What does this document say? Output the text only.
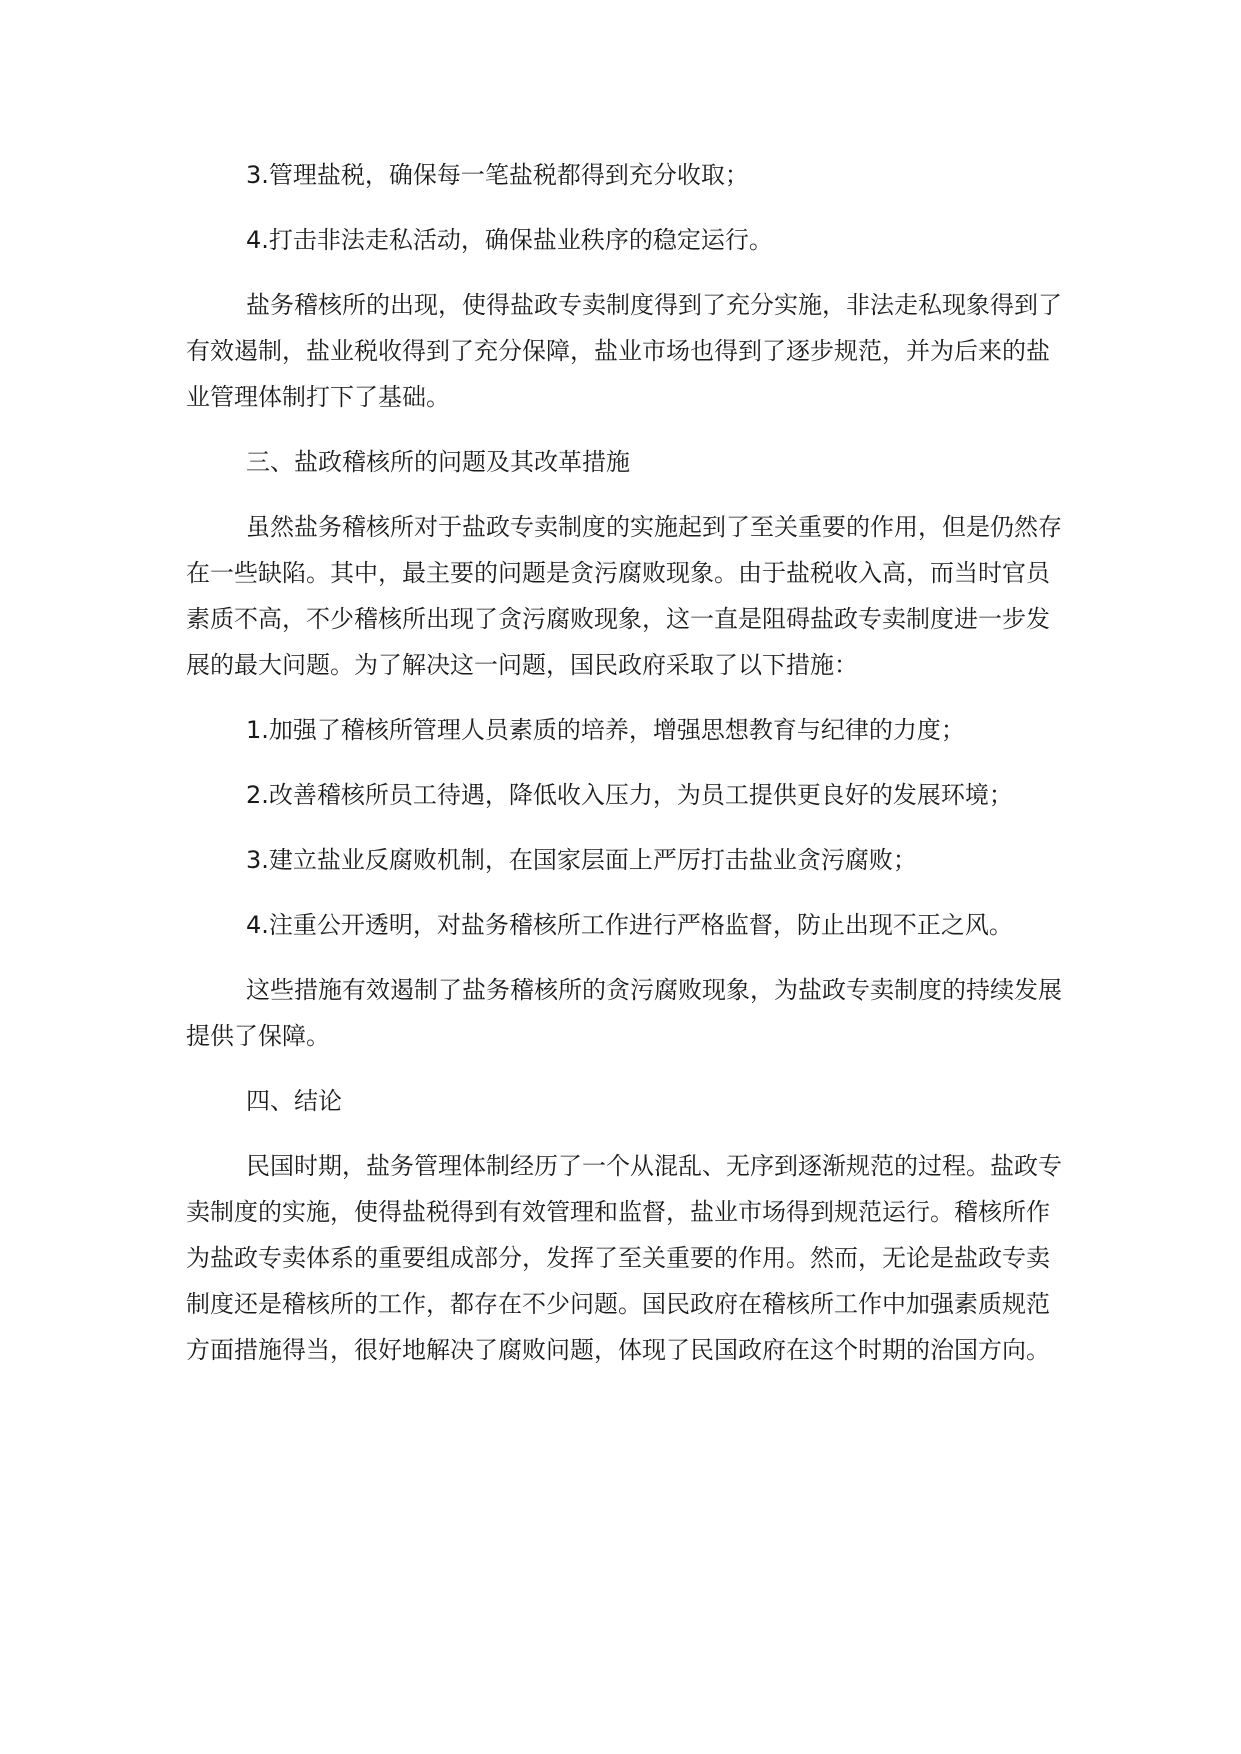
3.管理盐税，确保每一笔盐税都得到充分收取；

4.打击非法走私活动，确保盐业秩序的稳定运行。

盐务稽核所的出现，使得盐政专卖制度得到了充分实施，非法走私现象得到了有效遏制，盐业税收得到了充分保障，盐业市场也得到了逐步规范，并为后来的盐业管理体制打下了基础。

三、盐政稽核所的问题及其改革措施

虽然盐务稽核所对于盐政专卖制度的实施起到了至关重要的作用，但是仍然存在一些缺陷。其中，最主要的问题是贪污腐败现象。由于盐税收入高，而当时官员素质不高，不少稽核所出现了贪污腐败现象，这一直是阻碍盐政专卖制度进一步发展的最大问题。为了解决这一问题，国民政府采取了以下措施：

1.加强了稽核所管理人员素质的培养，增强思想教育与纪律的力度；

2.改善稽核所员工待遇，降低收入压力，为员工提供更良好的发展环境；

3.建立盐业反腐败机制，在国家层面上严厉打击盐业贪污腐败；

4.注重公开透明，对盐务稽核所工作进行严格监督，防止出现不正之风。

这些措施有效遏制了盐务稽核所的贪污腐败现象，为盐政专卖制度的持续发展提供了保障。

四、结论

民国时期，盐务管理体制经历了一个从混乱、无序到逐渐规范的过程。盐政专卖制度的实施，使得盐税得到有效管理和监督，盐业市场得到规范运行。稽核所作为盐政专卖体系的重要组成部分，发挥了至关重要的作用。然而，无论是盐政专卖制度还是稽核所的工作，都存在不少问题。国民政府在稽核所工作中加强素质规范方面措施得当，很好地解决了腐败问题，体现了民国政府在这个时期的治国方向。
